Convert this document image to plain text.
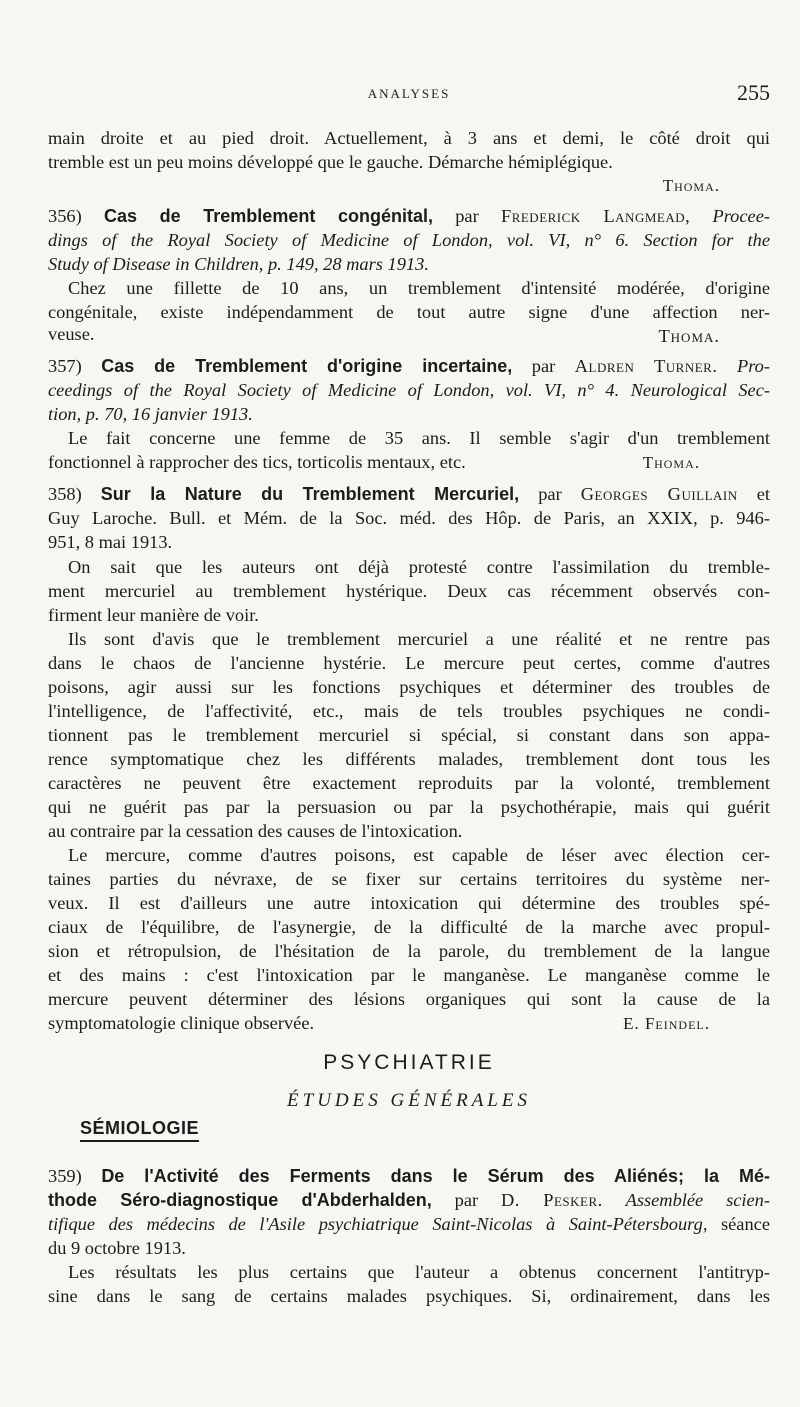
ANALYSES	255
main droite et au pied droit. Actuellement, à 3 ans et demi, le côté droit qui
tremble est un peu moins développé que le gauche. Démarche hémiplégique.
Thoma.
356) Cas de Tremblement congénital, par Frederick Langmead, Procee-
dings of the Royal Society of Medicine of London, vol. VI, n° 6. Section for the
Study of Disease in Children, p. 149, 28 mars 1913.
Chez une fillette de 10 ans, un tremblement d'intensité modérée, d'origine
congénitale, existe indépendamment de tout autre signe d'une affection ner-
veuse.	Thoma.
357) Cas de Tremblement d'origine incertaine, par Aldren Turner. Pro-
ceedings of the Royal Society of Medicine of London, vol. VI, n° 4. Neurological Sec-
tion, p. 70, 16 janvier 1913.
Le fait concerne une femme de 35 ans. Il semble s'agir d'un tremblement
fonctionnel à rapprocher des tics, torticolis mentaux, etc.	Thoma.
358) Sur la Nature du Tremblement Mercuriel, par Georges Guillain et
Guy Laroche. Bull. et Mém. de la Soc. méd. des Hôp. de Paris, an XXIX, p. 946-
951, 8 mai 1913.
On sait que les auteurs ont déjà protesté contre l'assimilation du tremble-
ment mercuriel au tremblement hystérique. Deux cas récemment observés con-
firment leur manière de voir.
Ils sont d'avis que le tremblement mercuriel a une réalité et ne rentre pas
dans le chaos de l'ancienne hystérie. Le mercure peut certes, comme d'autres
poisons, agir aussi sur les fonctions psychiques et déterminer des troubles de
l'intelligence, de l'affectivité, etc., mais de tels troubles psychiques ne condi-
tionnent pas le tremblement mercuriel si spécial, si constant dans son appa-
rence symptomatique chez les différents malades, tremblement dont tous les
caractères ne peuvent être exactement reproduits par la volonté, tremblement
qui ne guérit pas par la persuasion ou par la psychothérapie, mais qui guérit
au contraire par la cessation des causes de l'intoxication.
Le mercure, comme d'autres poisons, est capable de léser avec élection cer-
taines parties du névraxe, de se fixer sur certains territoires du système ner-
veux. Il est d'ailleurs une autre intoxication qui détermine des troubles spé-
ciaux de l'équilibre, de l'asynergie, de la difficulté de la marche avec propul-
sion et rétropulsion, de l'hésitation de la parole, du tremblement de la langue
et des mains : c'est l'intoxication par le manganèse. Le manganèse comme le
mercure peuvent déterminer des lésions organiques qui sont la cause de la
symptomatologie clinique observée.	E. Feindel.
PSYCHIATRIE
ÉTUDES GÉNÉRALES
SÉMIOLOGIE
359) De l'Activité des Ferments dans le Sérum des Aliénés; la Mé-
thode Séro-diagnostique d'Abderhalden, par D. Pesker. Assemblée scien-
tifique des médecins de l'Asile psychiatrique Saint-Nicolas à Saint-Pétersbourg, séance
du 9 octobre 1913.
Les résultats les plus certains que l'auteur a obtenus concernent l'antitryp-
sine dans le sang de certains malades psychiques. Si, ordinairement, dans les
